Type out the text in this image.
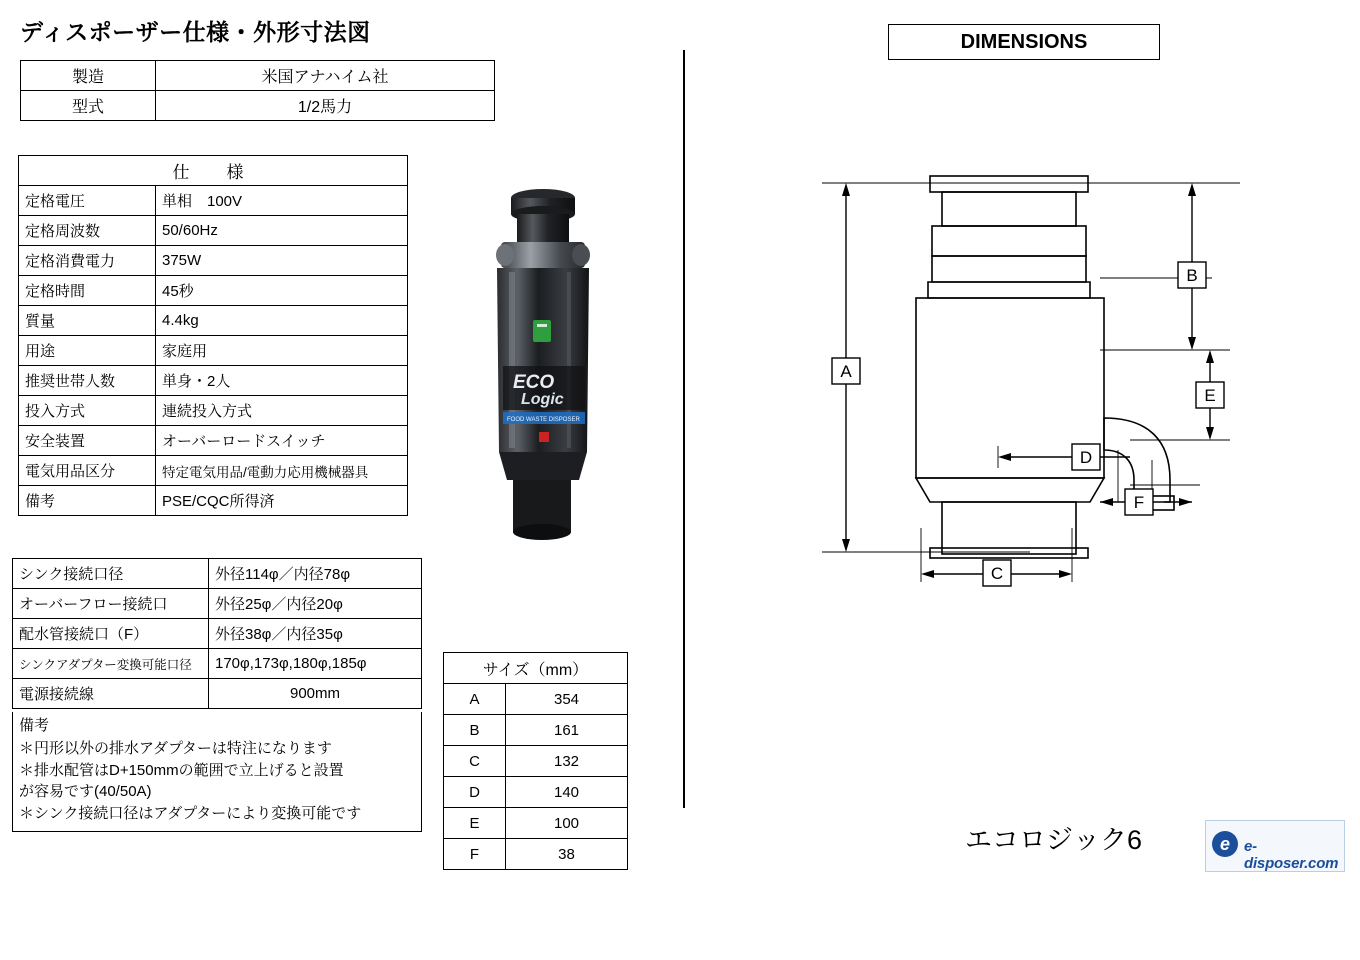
ディスポーザー仕様・外形寸法図
製造	米国アナハイム社
型式	1/2馬力
仕　様	
定格電圧	単相　100V
定格周波数	50/60Hz
定格消費電力	375W
定格時間	45秒
質量	4.4kg
用途	家庭用
推奨世帯人数	単身・2人
投入方式	連続投入方式
安全装置	オーバーロードスイッチ
電気用品区分	特定電気用品/電動力応用機械器具
備考	PSE/CQC所得済
シンク接続口径	外径114φ／内径78φ
オーバーフロー接続口	外径25φ／内径20φ
配水管接続口（F）	外径38φ／内径35φ
シンクアダプター変換可能口径	170φ,173φ,180φ,185φ
電源接続線	900mm
備考
＊円形以外の排水アダプターは特注になります
＊排水配管はD+150mmの範囲で立上げると設置
が容易です(40/50A)
＊シンク接続口径はアダプターにより変換可能です
サイズ（mm）	
A	354
B	161
C	132
D	140
E	100
F	38
DIMENSIONS
ECO
Logic
FOOD WASTE DISPOSER
A
B
C
D
E
F
エコロジック6	e e-disposer.com
